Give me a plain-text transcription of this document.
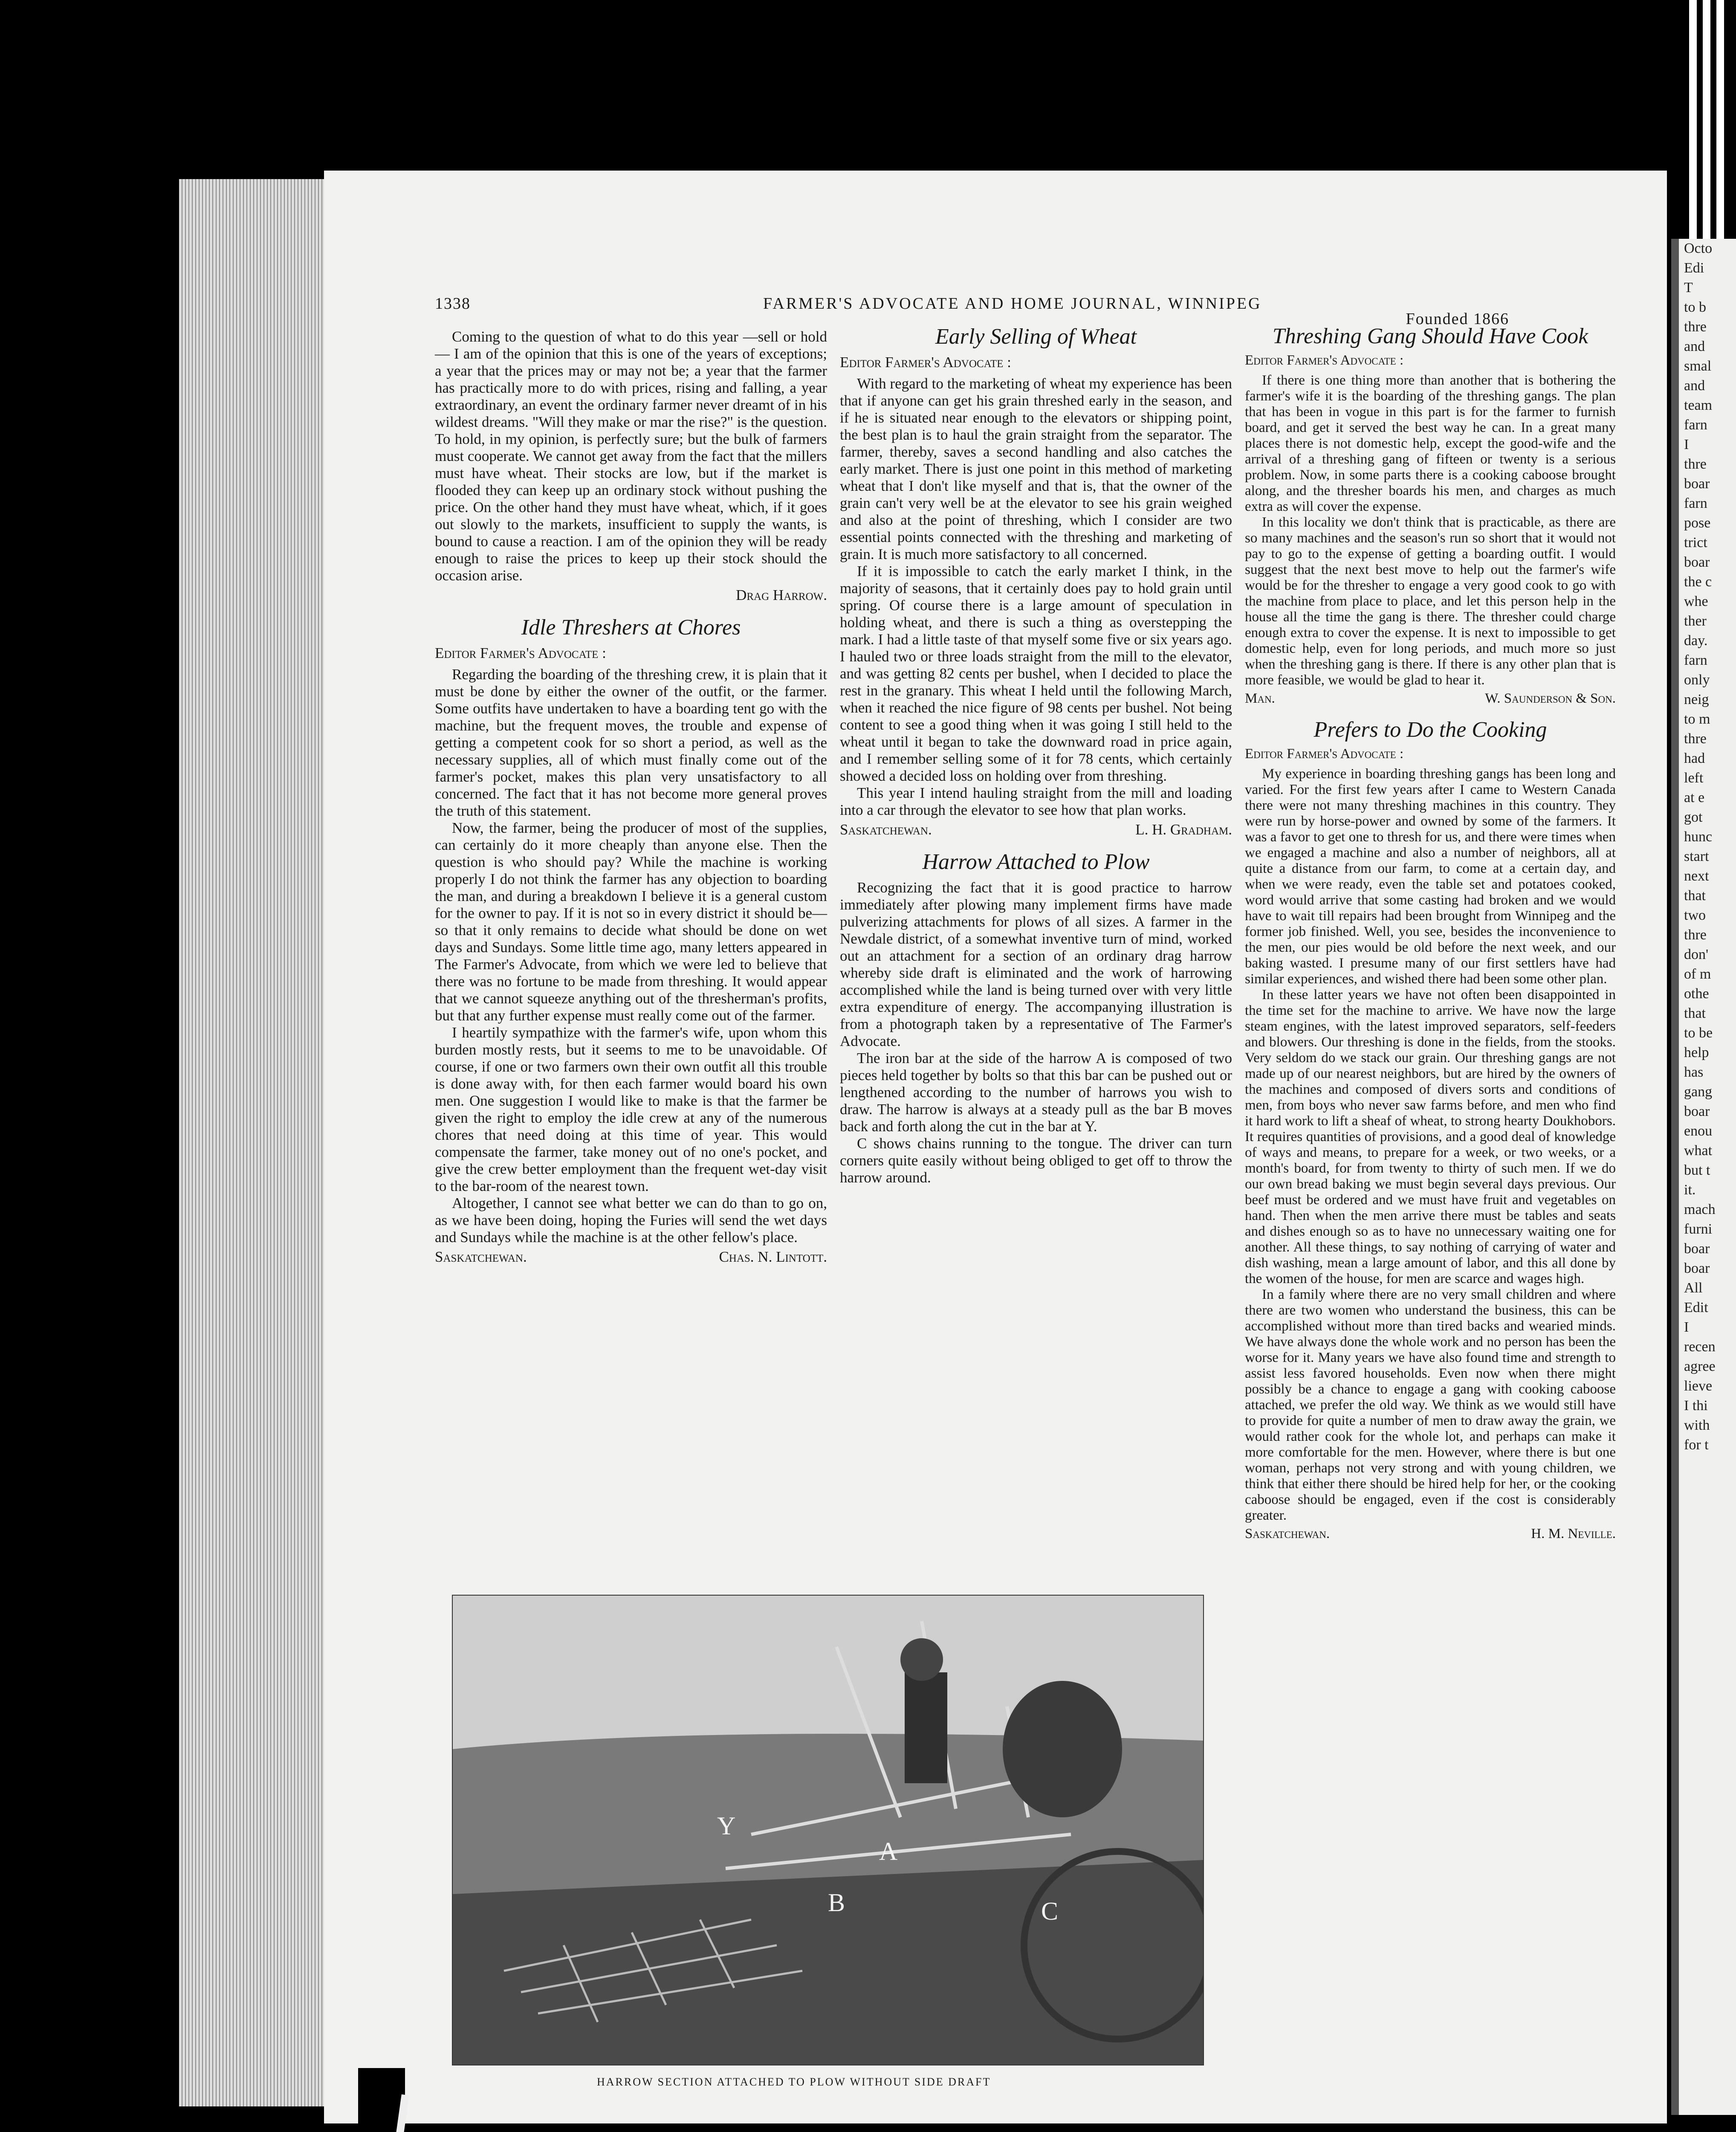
1338	FARMER'S ADVOCATE AND HOME JOURNAL, WINNIPEG
Founded 1866

Coming to the question of what to do this year —sell or hold — I am of the opinion that this is one of the years of exceptions; a year that the prices may or may not be; a year that the farmer has practically more to do with prices, rising and falling, a year extraordinary, an event the ordinary farmer never dreamt of in his wildest dreams. "Will they make or mar the rise?" is the question. To hold, in my opinion, is perfectly sure; but the bulk of farmers must cooperate. We cannot get away from the fact that the millers must have wheat. Their stocks are low, but if the market is flooded they can keep up an ordinary stock without pushing the price. On the other hand they must have wheat, which, if it goes out slowly to the markets, insufficient to supply the wants, is bound to cause a reaction. I am of the opinion they will be ready enough to raise the prices to keep up their stock should the occasion arise.

Drag Harrow.
Idle Threshers at Chores
Editor Farmer's Advocate :

Regarding the boarding of the threshing crew, it is plain that it must be done by either the owner of the outfit, or the farmer. Some outfits have undertaken to have a boarding tent go with the machine, but the frequent moves, the trouble and expense of getting a competent cook for so short a period, as well as the necessary supplies, all of which must finally come out of the farmer's pocket, makes this plan very unsatisfactory to all concerned. The fact that it has not become more general proves the truth of this statement.

Now, the farmer, being the producer of most of the supplies, can certainly do it more cheaply than anyone else. Then the question is who should pay? While the machine is working properly I do not think the farmer has any objection to boarding the man, and during a breakdown I believe it is a general custom for the owner to pay. If it is not so in every district it should be—so that it only remains to decide what should be done on wet days and Sundays. Some little time ago, many letters appeared in The Farmer's Advocate, from which we were led to believe that there was no fortune to be made from threshing. It would appear that we cannot squeeze anything out of the thresherman's profits, but that any further expense must really come out of the farmer.

I heartily sympathize with the farmer's wife, upon whom this burden mostly rests, but it seems to me to be unavoidable. Of course, if one or two farmers own their own outfit all this trouble is done away with, for then each farmer would board his own men. One suggestion I would like to make is that the farmer be given the right to employ the idle crew at any of the numerous chores that need doing at this time of year. This would compensate the farmer, take money out of no one's pocket, and give the crew better employment than the frequent wet-day visit to the bar-room of the nearest town.

Altogether, I cannot see what better we can do than to go on, as we have been doing, hoping the Furies will send the wet days and Sundays while the machine is at the other fellow's place.

Saskatchewan.	Chas. N. Lintott.
Early Selling of Wheat
Editor Farmer's Advocate :

With regard to the marketing of wheat my experience has been that if anyone can get his grain threshed early in the season, and if he is situated near enough to the elevators or shipping point, the best plan is to haul the grain straight from the separator. The farmer, thereby, saves a second handling and also catches the early market. There is just one point in this method of marketing wheat that I don't like myself and that is, that the owner of the grain can't very well be at the elevator to see his grain weighed and also at the point of threshing, which I consider are two essential points connected with the threshing and marketing of grain. It is much more satisfactory to all concerned.

If it is impossible to catch the early market I think, in the majority of seasons, that it certainly does pay to hold grain until spring. Of course there is a large amount of speculation in holding wheat, and there is such a thing as overstepping the mark. I had a little taste of that myself some five or six years ago. I hauled two or three loads straight from the mill to the elevator, and was getting 82 cents per bushel, when I decided to place the rest in the granary. This wheat I held until the following March, when it reached the nice figure of 98 cents per bushel. Not being content to see a good thing when it was going I still held to the wheat until it began to take the downward road in price again, and I remember selling some of it for 78 cents, which certainly showed a decided loss on holding over from threshing.

This year I intend hauling straight from the mill and loading into a car through the elevator to see how that plan works.

Saskatchewan.	L. H. Gradham.
Harrow Attached to Plow

Recognizing the fact that it is good practice to harrow immediately after plowing many implement firms have made pulverizing attachments for plows of all sizes. A farmer in the Newdale district, of a somewhat inventive turn of mind, worked out an attachment for a section of an ordinary drag harrow whereby side draft is eliminated and the work of harrowing accomplished while the land is being turned over with very little extra expenditure of energy. The accompanying illustration is from a photograph taken by a representative of The Farmer's Advocate.

The iron bar at the side of the harrow A is composed of two pieces held together by bolts so that this bar can be pushed out or lengthened according to the number of harrows you wish to draw. The harrow is always at a steady pull as the bar B moves back and forth along the cut in the bar at Y.

C shows chains running to the tongue. The driver can turn corners quite easily without being obliged to get off to throw the harrow around.

Threshing Gang Should Have Cook
Editor Farmer's Advocate :

If there is one thing more than another that is bothering the farmer's wife it is the boarding of the threshing gangs. The plan that has been in vogue in this part is for the farmer to furnish board, and get it served the best way he can. In a great many places there is not domestic help, except the good-wife and the arrival of a threshing gang of fifteen or twenty is a serious problem. Now, in some parts there is a cooking caboose brought along, and the thresher boards his men, and charges as much extra as will cover the expense.

In this locality we don't think that is practicable, as there are so many machines and the season's run so short that it would not pay to go to the expense of getting a boarding outfit. I would suggest that the next best move to help out the farmer's wife would be for the thresher to engage a very good cook to go with the machine from place to place, and let this person help in the house all the time the gang is there. The thresher could charge enough extra to cover the expense. It is next to impossible to get domestic help, even for long periods, and much more so just when the threshing gang is there. If there is any other plan that is more feasible, we would be glad to hear it.

Man.	W. Saunderson & Son.
Prefers to Do the Cooking
Editor Farmer's Advocate :

My experience in boarding threshing gangs has been long and varied. For the first few years after I came to Western Canada there were not many threshing machines in this country. They were run by horse-power and owned by some of the farmers. It was a favor to get one to thresh for us, and there were times when we engaged a machine and also a number of neighbors, all at quite a distance from our farm, to come at a certain day, and when we were ready, even the table set and potatoes cooked, word would arrive that some casting had broken and we would have to wait till repairs had been brought from Winnipeg and the former job finished. Well, you see, besides the inconvenience to the men, our pies would be old before the next week, and our baking wasted. I presume many of our first settlers have had similar experiences, and wished there had been some other plan.

In these latter years we have not often been disappointed in the time set for the machine to arrive. We have now the large steam engines, with the latest improved separators, self-feeders and blowers. Our threshing is done in the fields, from the stooks. Very seldom do we stack our grain. Our threshing gangs are not made up of our nearest neighbors, but are hired by the owners of the machines and composed of divers sorts and conditions of men, from boys who never saw farms before, and men who find it hard work to lift a sheaf of wheat, to strong hearty Doukhobors. It requires quantities of provisions, and a good deal of knowledge of ways and means, to prepare for a week, or two weeks, or a month's board, for from twenty to thirty of such men. If we do our own bread baking we must begin several days previous. Our beef must be ordered and we must have fruit and vegetables on hand. Then when the men arrive there must be tables and seats and dishes enough so as to have no unnecessary waiting one for another. All these things, to say nothing of carrying of water and dish washing, mean a large amount of labor, and this all done by the women of the house, for men are scarce and wages high.

In a family where there are no very small children and where there are two women who understand the business, this can be accomplished without more than tired backs and wearied minds. We have always done the whole work and no person has been the worse for it. Many years we have also found time and strength to assist less favored households. Even now when there might possibly be a chance to engage a gang with cooking caboose attached, we prefer the old way. We think as we would still have to provide for quite a number of men to draw away the grain, we would rather cook for the whole lot, and perhaps can make it more comfortable for the men. However, where there is but one woman, perhaps not very strong and with young children, we think that either there should be hired help for her, or the cooking caboose should be engaged, even if the cost is considerably greater.

Saskatchewan.	H. M. Neville.
A
B
Y
C
HARROW SECTION ATTACHED TO PLOW WITHOUT SIDE DRAFT
Octo
Edi
T
to b
thre
and
smal
and
team
farn
I
thre
boar
farn
pose
trict
boar
the c
whe
ther
day.
farn
only
neig
to m
thre
had
left
at e
got
hunc
start
next
that
two
thre
don'
of m
othe
that
to be
help
has
gang
boar
enou
what
but t
it.
mach
furni
boar
boar
All
Edit
I
recen
agree
lieve
I thi
with
for t
